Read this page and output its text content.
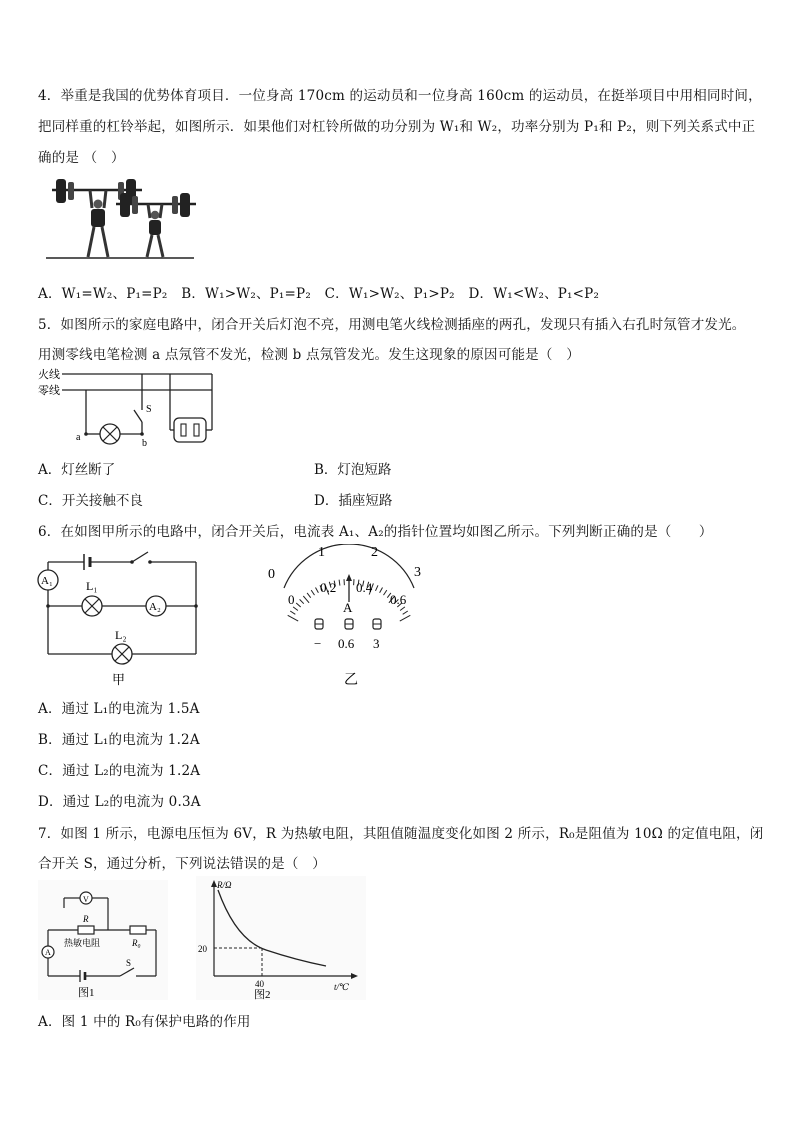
4．举重是我国的优势体育项目．一位身高 170cm 的运动员和一位身高 160cm 的运动员，在挺举项目中用相同时间，
把同样重的杠铃举起，如图所示．如果他们对杠铃所做的功分别为 W₁和 W₂，功率分别为 P₁和 P₂，则下列关系式中正
确的是 （　）
A．W₁=W₂、P₁=P₂　B．W₁>W₂、P₁=P₂　C．W₁>W₂、P₁>P₂　D．W₁<W₂、P₁<P₂
5．如图所示的家庭电路中，闭合开关后灯泡不亮，用测电笔火线检测插座的两孔，发现只有插入右孔时氖管才发光。
用测零线电笔检测 a 点氖管不发光，检测 b 点氖管发光。发生这现象的原因可能是（　）
火线
零线
a
b
S
A．灯丝断了	B．灯泡短路
C．开关接触不良	D．插座短路
6．在如图甲所示的电路中，闭合开关后，电流表 A₁、A₂的指针位置均如图乙所示。下列判断正确的是（　　）
A₁	L₁
A₂
L₂
甲
0
1	2
3
0
0.2 0.4
0.6
A
− 0.6 3
乙
A．通过 L₁的电流为 1.5A
B．通过 L₁的电流为 1.2A
C．通过 L₂的电流为 1.2A
D．通过 L₂的电流为 0.3A
7．如图 1 所示，电源电压恒为 6V，R 为热敏电阻，其阻值随温度变化如图 2 所示，R₀是阻值为 10Ω 的定值电阻，闭
合开关 S，通过分析，下列说法错误的是（　）
V
R
热敏电阻	R₀
A
S
图1
R/Ω
t/℃
20
40
图2
A．图 1 中的 R₀有保护电路的作用
